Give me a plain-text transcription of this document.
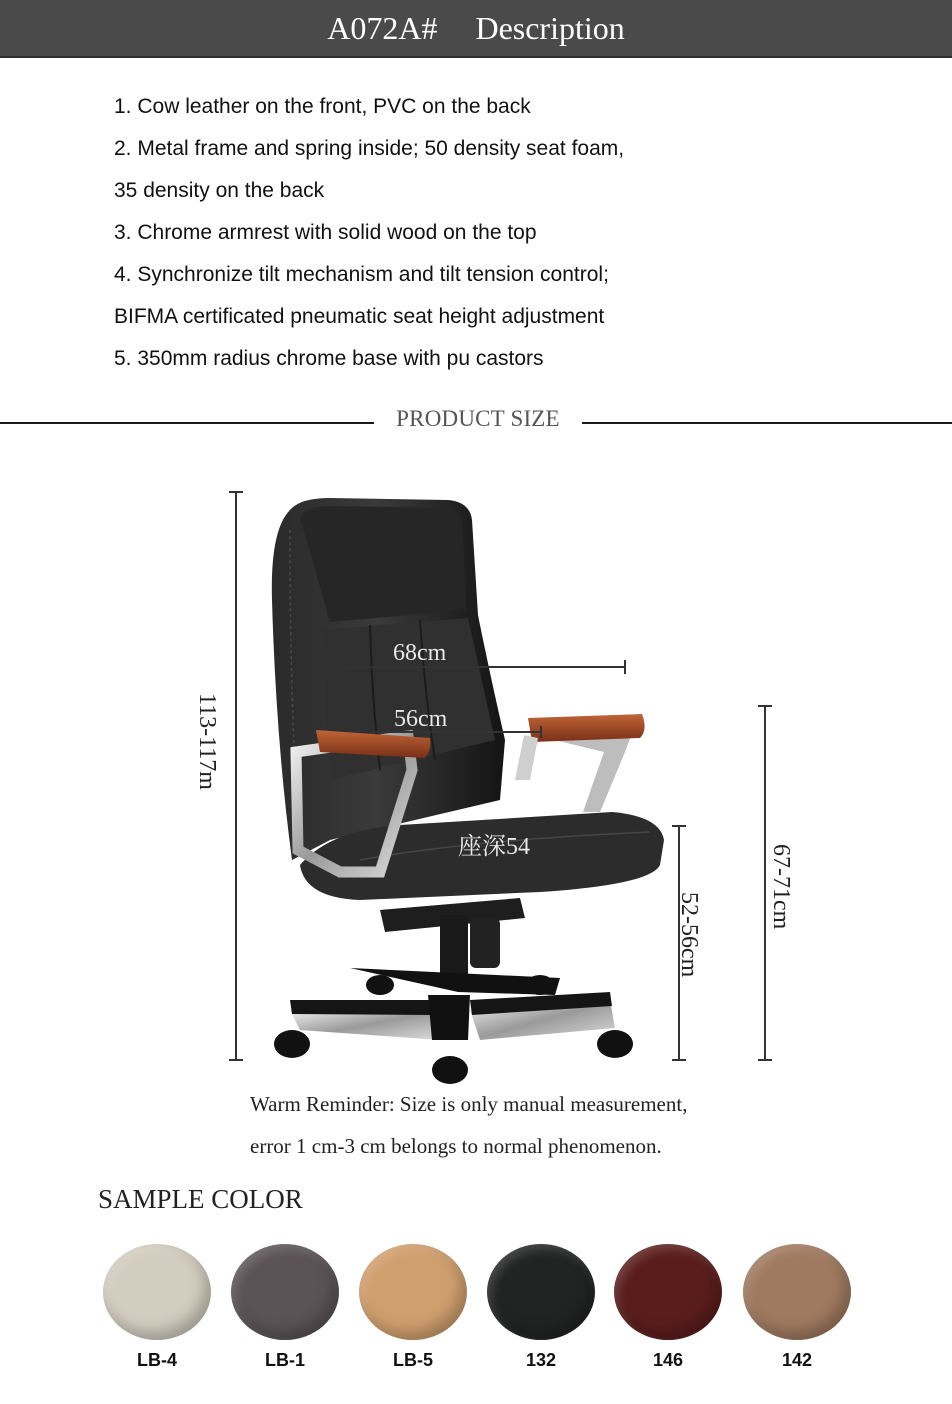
A072A# Description
1. Cow leather on the front, PVC on the back
2. Metal frame and spring inside; 50 density seat foam,
35 density on the back
3. Chrome armrest with solid wood on the top
4. Synchronize tilt mechanism and tilt tension control;
BIFMA certificated pneumatic seat height adjustment
5. 350mm radius chrome base with pu castors
PRODUCT SIZE
113-117m
68cm
56cm
座深54
52-56cm
67-71cm
Warm Reminder: Size is only manual measurement,
error 1 cm-3 cm belongs to normal phenomenon.
SAMPLE COLOR
LB-4	LB-1	LB-5	132	146	142
